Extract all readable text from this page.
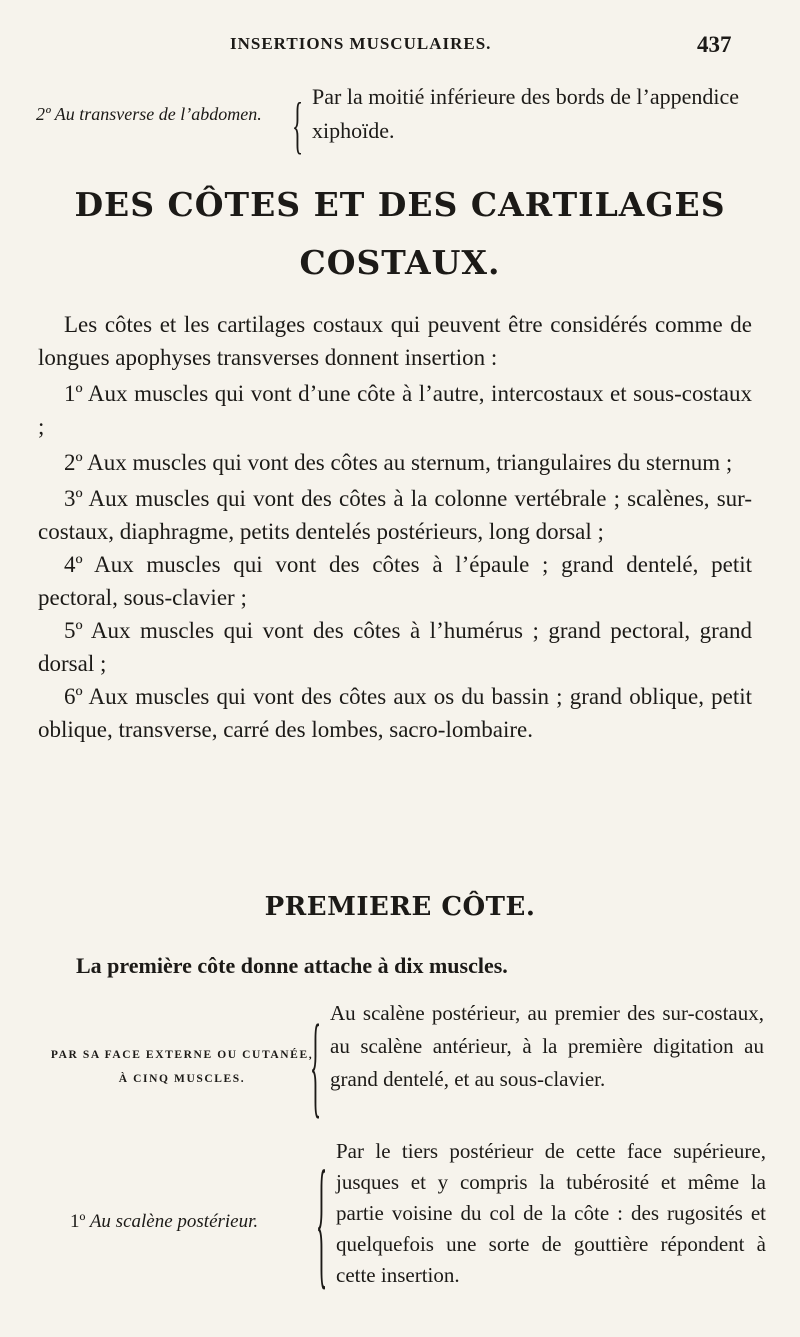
INSERTIONS MUSCULAIRES.	437
2º Au transverse de l’abdomen. { Par la moitié inférieure des bords de l’appendice xiphoïde.
DES CÔTES ET DES CARTILAGES COSTAUX.

Les côtes et les cartilages costaux qui peuvent être considérés comme de longues apophyses transverses donnent insertion :

1º Aux muscles qui vont d’une côte à l’autre, intercostaux et sous-costaux ;

2º Aux muscles qui vont des côtes au sternum, triangulaires du sternum ;

3º Aux muscles qui vont des côtes à la colonne vertébrale ; scalènes, sur-costaux, diaphragme, petits dentelés postérieurs, long dorsal ;

4º Aux muscles qui vont des côtes à l’épaule ; grand dentelé, petit pectoral, sous-clavier ;

5º Aux muscles qui vont des côtes à l’humérus ; grand pectoral, grand dorsal ;

6º Aux muscles qui vont des côtes aux os du bassin ; grand oblique, petit oblique, transverse, carré des lombes, sacro-lombaire.

PREMIERE CÔTE.

La première côte donne attache à dix muscles.

PAR SA FACE EXTERNE OU CUTANÉE, À CINQ MUSCLES.	{ Au scalène postérieur, au premier des sur-costaux, au scalène antérieur, à la première digitation au grand dentelé, et au sous-clavier.
1º Au scalène postérieur.	{ Par le tiers postérieur de cette face supérieure, jusques et y compris la tubérosité et même la partie voisine du col de la côte : des rugosités et quelquefois une sorte de gouttière répondent à cette insertion.
